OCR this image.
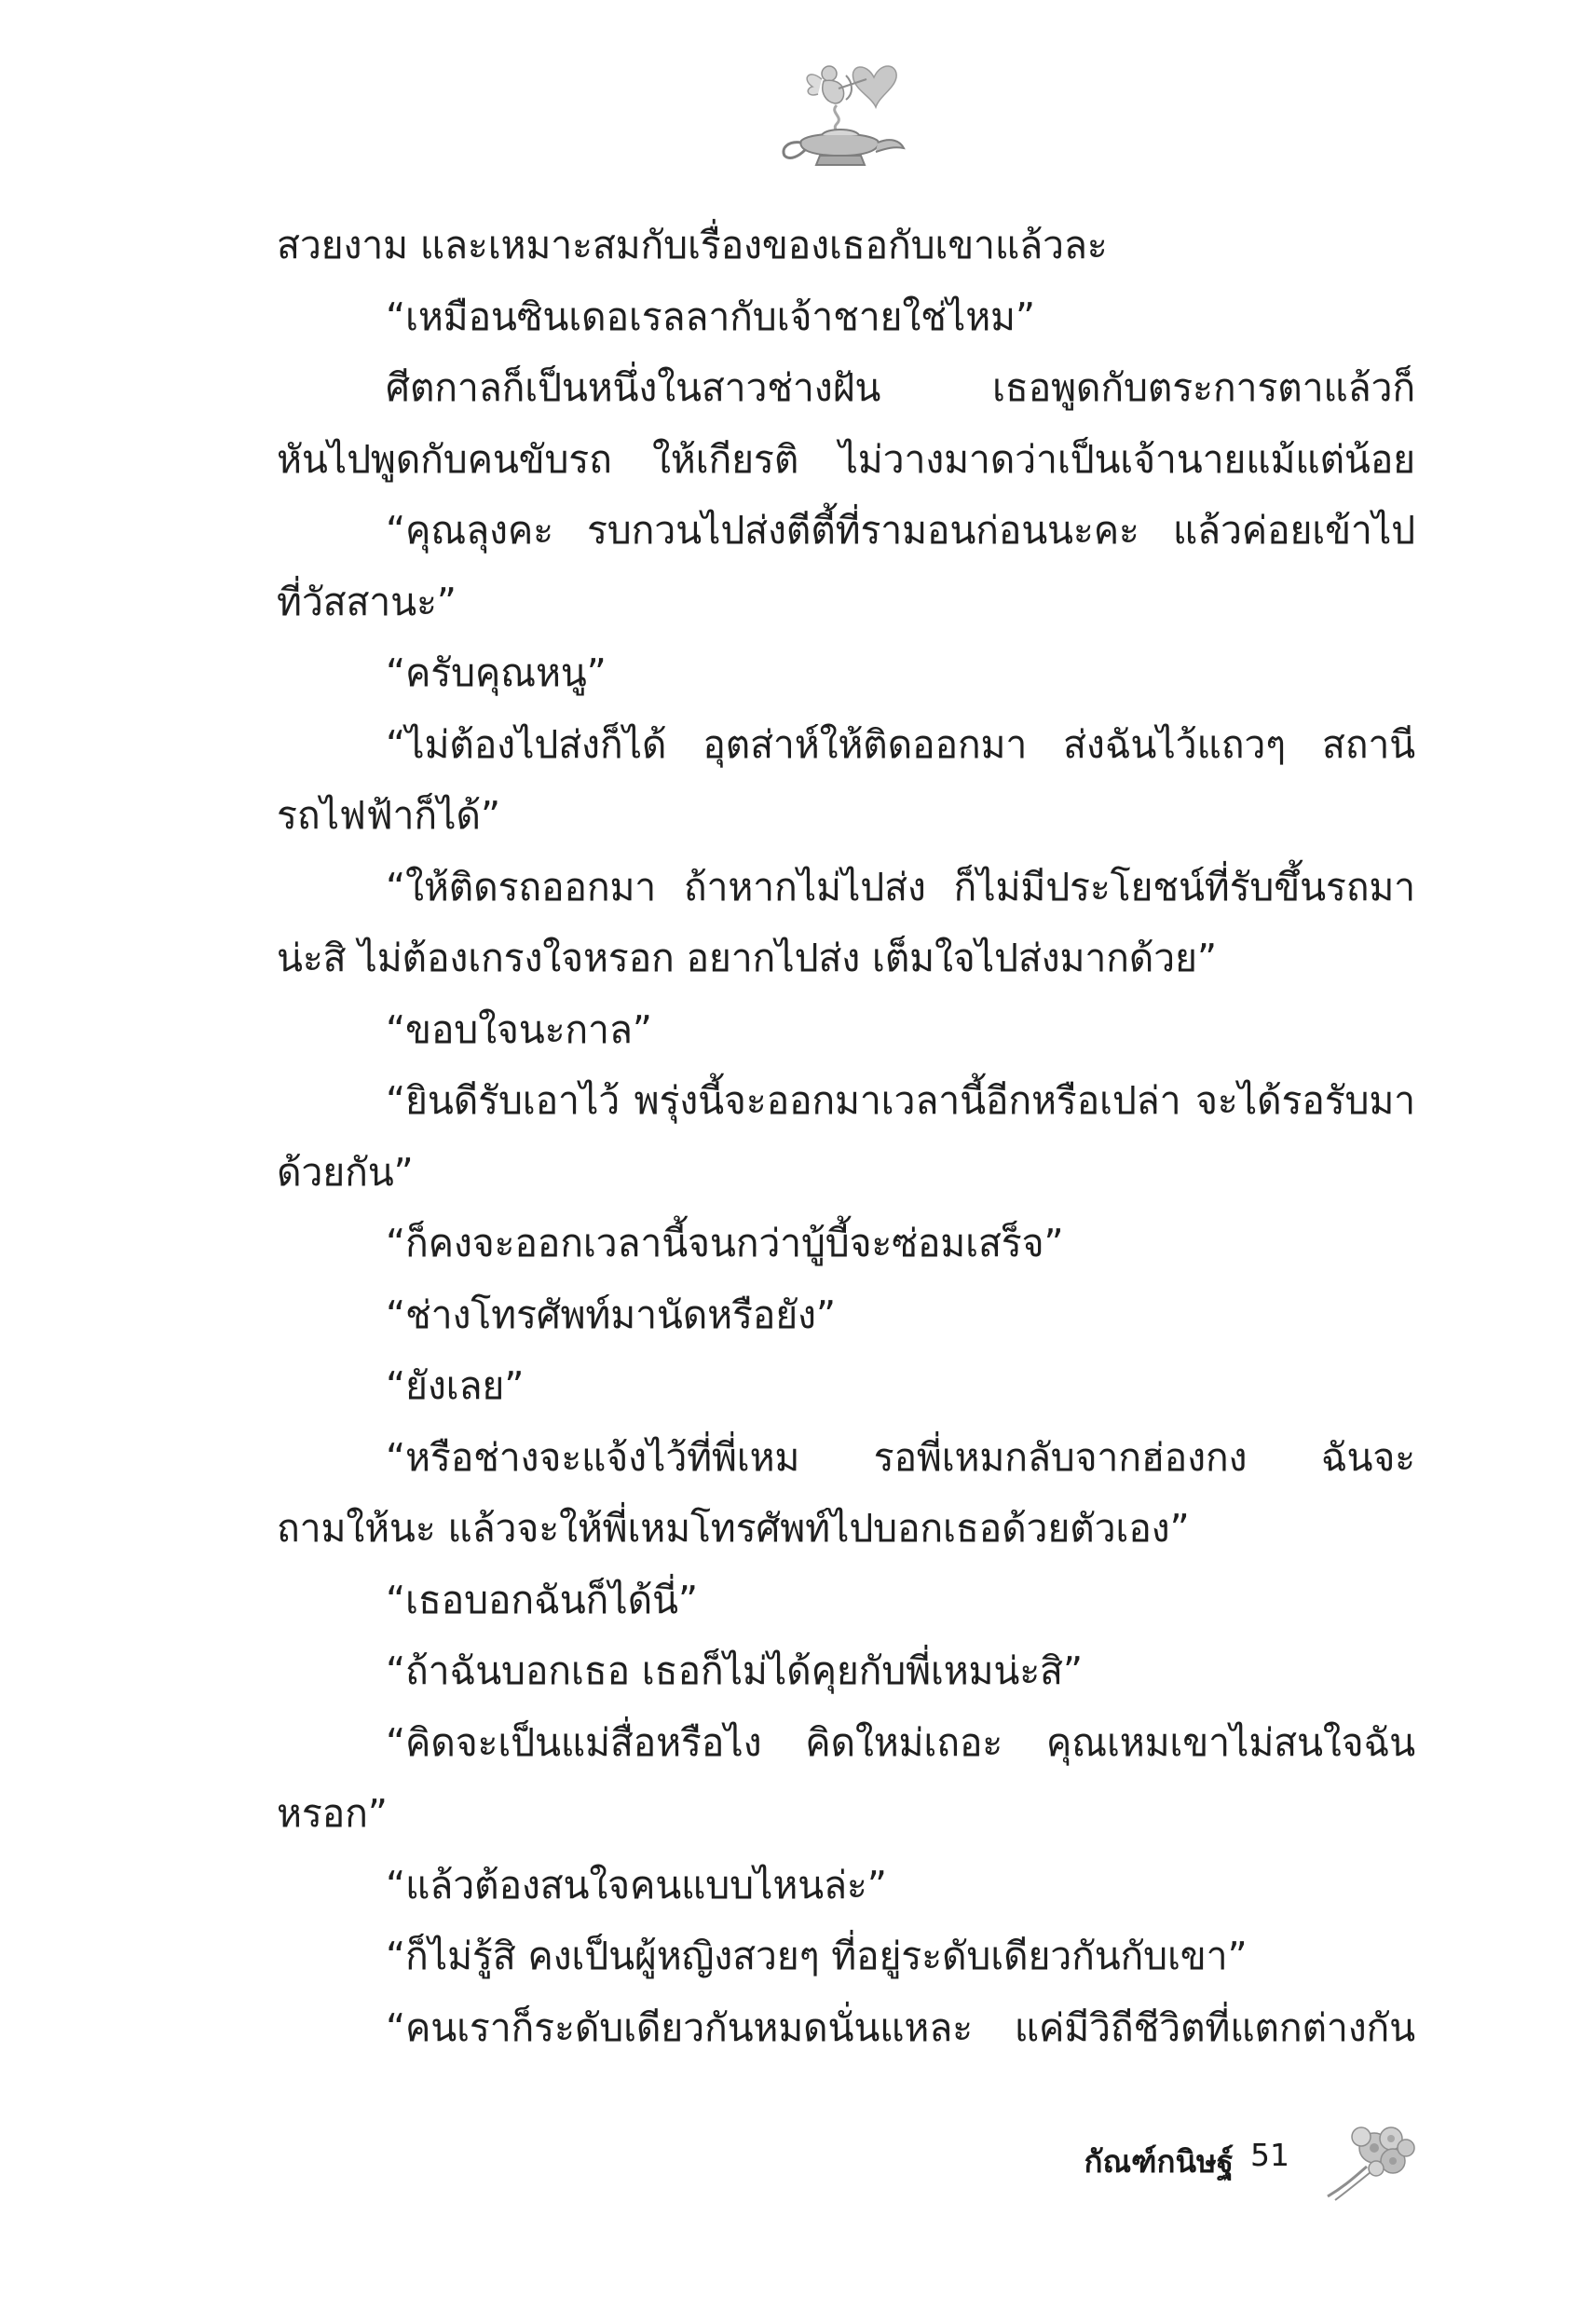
สวยงาม และเหมาะสมกับเรื่องของเธอกับเขาแล้วละ
“เหมือนซินเดอเรลลากับเจ้าชายใช่ไหม”
ศีตกาลก็เป็นหนึ่งในสาวช่างฝัน เธอพูดกับตระการตาแล้วก็
หันไปพูดกับคนขับรถ ให้เกียรติ ไม่วางมาดว่าเป็นเจ้านายแม้แต่น้อย
“คุณลุงคะ รบกวนไปส่งตีตี้ที่รามอนก่อนนะคะ แล้วค่อยเข้าไป
ที่วัสสานะ”
“ครับคุณหนู”
“ไม่ต้องไปส่งก็ได้ อุตส่าห์ให้ติดออกมา ส่งฉันไว้แถวๆ สถานี
รถไฟฟ้าก็ได้”
“ให้ติดรถออกมา ถ้าหากไม่ไปส่ง ก็ไม่มีประโยชน์ที่รับขึ้นรถมา
น่ะสิ ไม่ต้องเกรงใจหรอก อยากไปส่ง เต็มใจไปส่งมากด้วย”
“ขอบใจนะกาล”
“ยินดีรับเอาไว้ พรุ่งนี้จะออกมาเวลานี้อีกหรือเปล่า จะได้รอรับมา
ด้วยกัน”
“ก็คงจะออกเวลานี้จนกว่าบู้บี้จะซ่อมเสร็จ”
“ช่างโทรศัพท์มานัดหรือยัง”
“ยังเลย”
“หรือช่างจะแจ้งไว้ที่พี่เหม รอพี่เหมกลับจากฮ่องกง ฉันจะ
ถามให้นะ แล้วจะให้พี่เหมโทรศัพท์ไปบอกเธอด้วยตัวเอง”
“เธอบอกฉันก็ได้นี่”
“ถ้าฉันบอกเธอ เธอก็ไม่ได้คุยกับพี่เหมน่ะสิ”
“คิดจะเป็นแม่สื่อหรือไง คิดใหม่เถอะ คุณเหมเขาไม่สนใจฉัน
หรอก”
“แล้วต้องสนใจคนแบบไหนล่ะ”
“ก็ไม่รู้สิ คงเป็นผู้หญิงสวยๆ ที่อยู่ระดับเดียวกันกับเขา”
“คนเราก็ระดับเดียวกันหมดนั่นแหละ แค่มีวิถีชีวิตที่แตกต่างกัน
กัณฑ์กนิษฐ์ 51
